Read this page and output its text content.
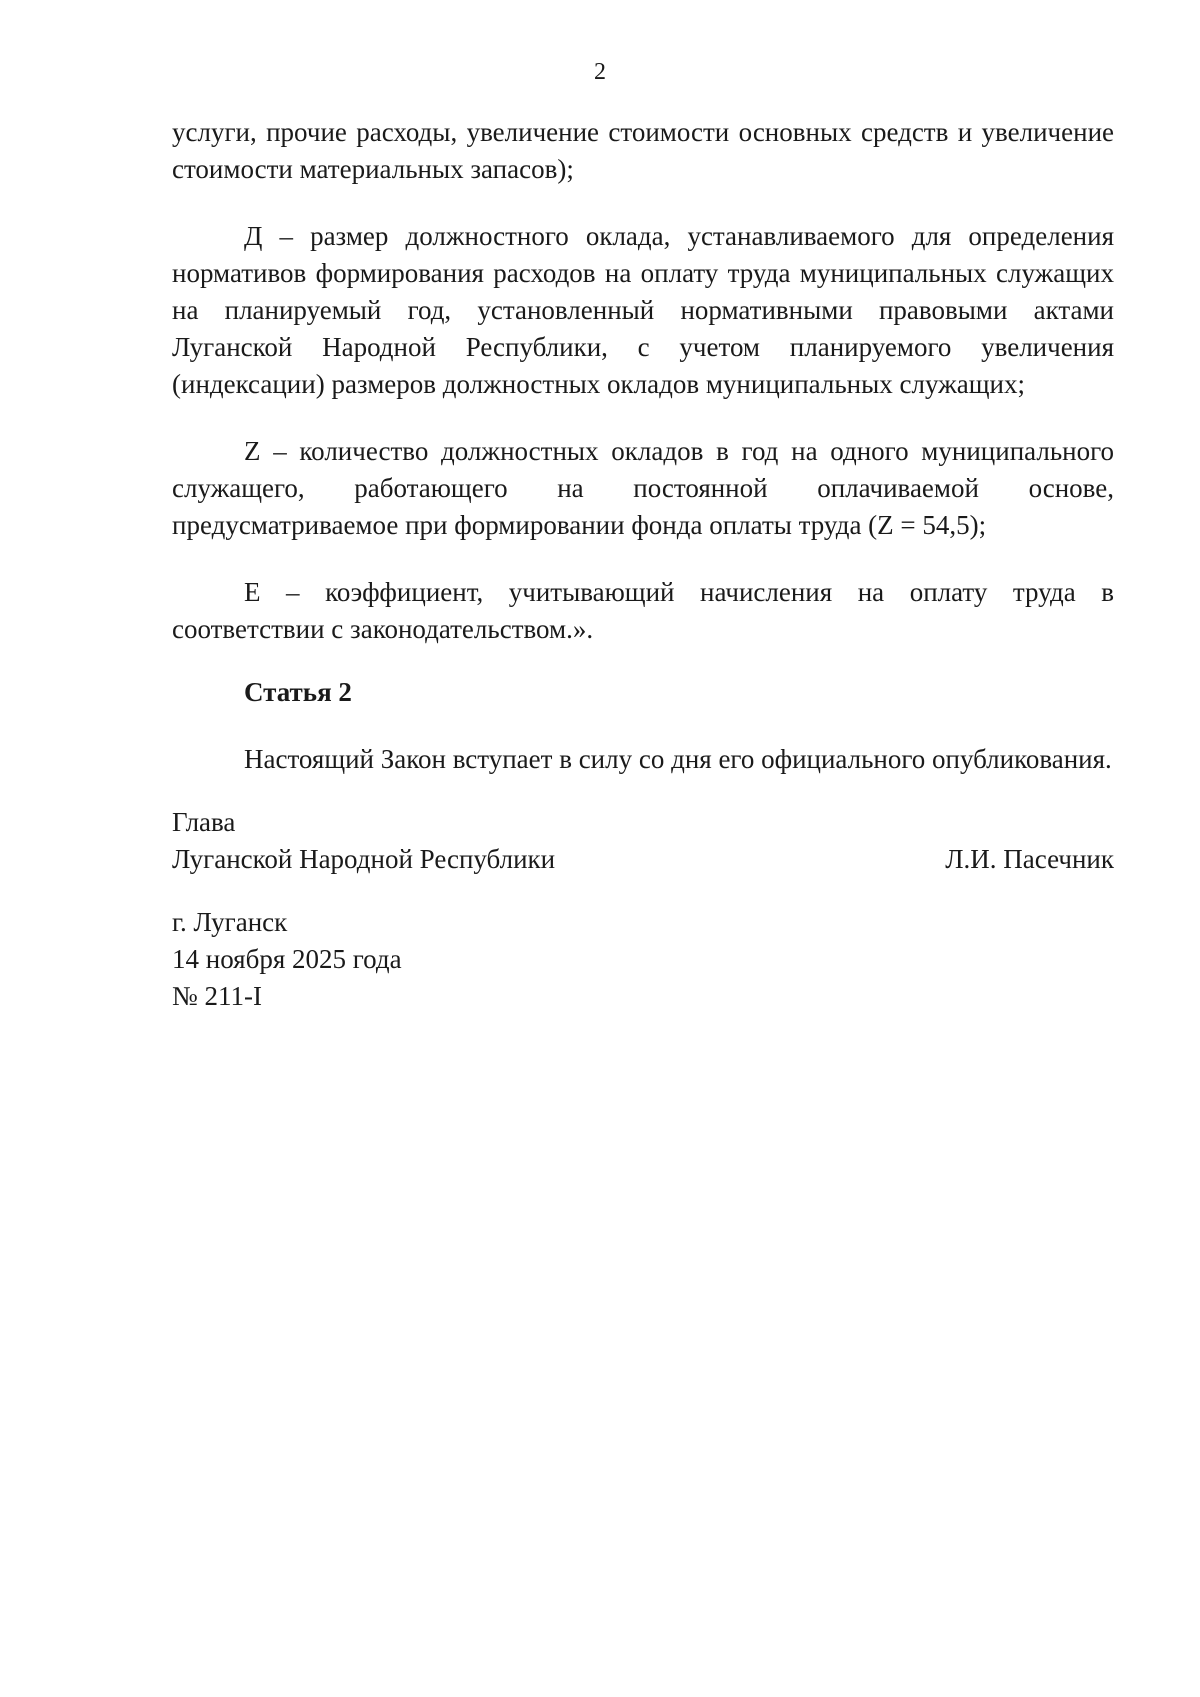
2

услуги, прочие расходы, увеличение стоимости основных средств и увеличение стоимости материальных запасов);

Д – размер должностного оклада, устанавливаемого для определения нормативов формирования расходов на оплату труда муниципальных служащих на планируемый год, установленный нормативными правовыми актами Луганской Народной Республики, с учетом планируемого увеличения (индексации) размеров должностных окладов муниципальных служащих;

Z – количество должностных окладов в год на одного муниципального служащего, работающего на постоянной оплачиваемой основе, предусматриваемое при формировании фонда оплаты труда (Z = 54,5);

Е – коэффициент, учитывающий начисления на оплату труда в соответствии с законодательством.».

Статья 2

Настоящий Закон вступает в силу со дня его официального опубликования.

Глава

Луганской Народной Республики	Л.И. Пасечник

г. Луганск

14 ноября 2025 года

№ 211-I
